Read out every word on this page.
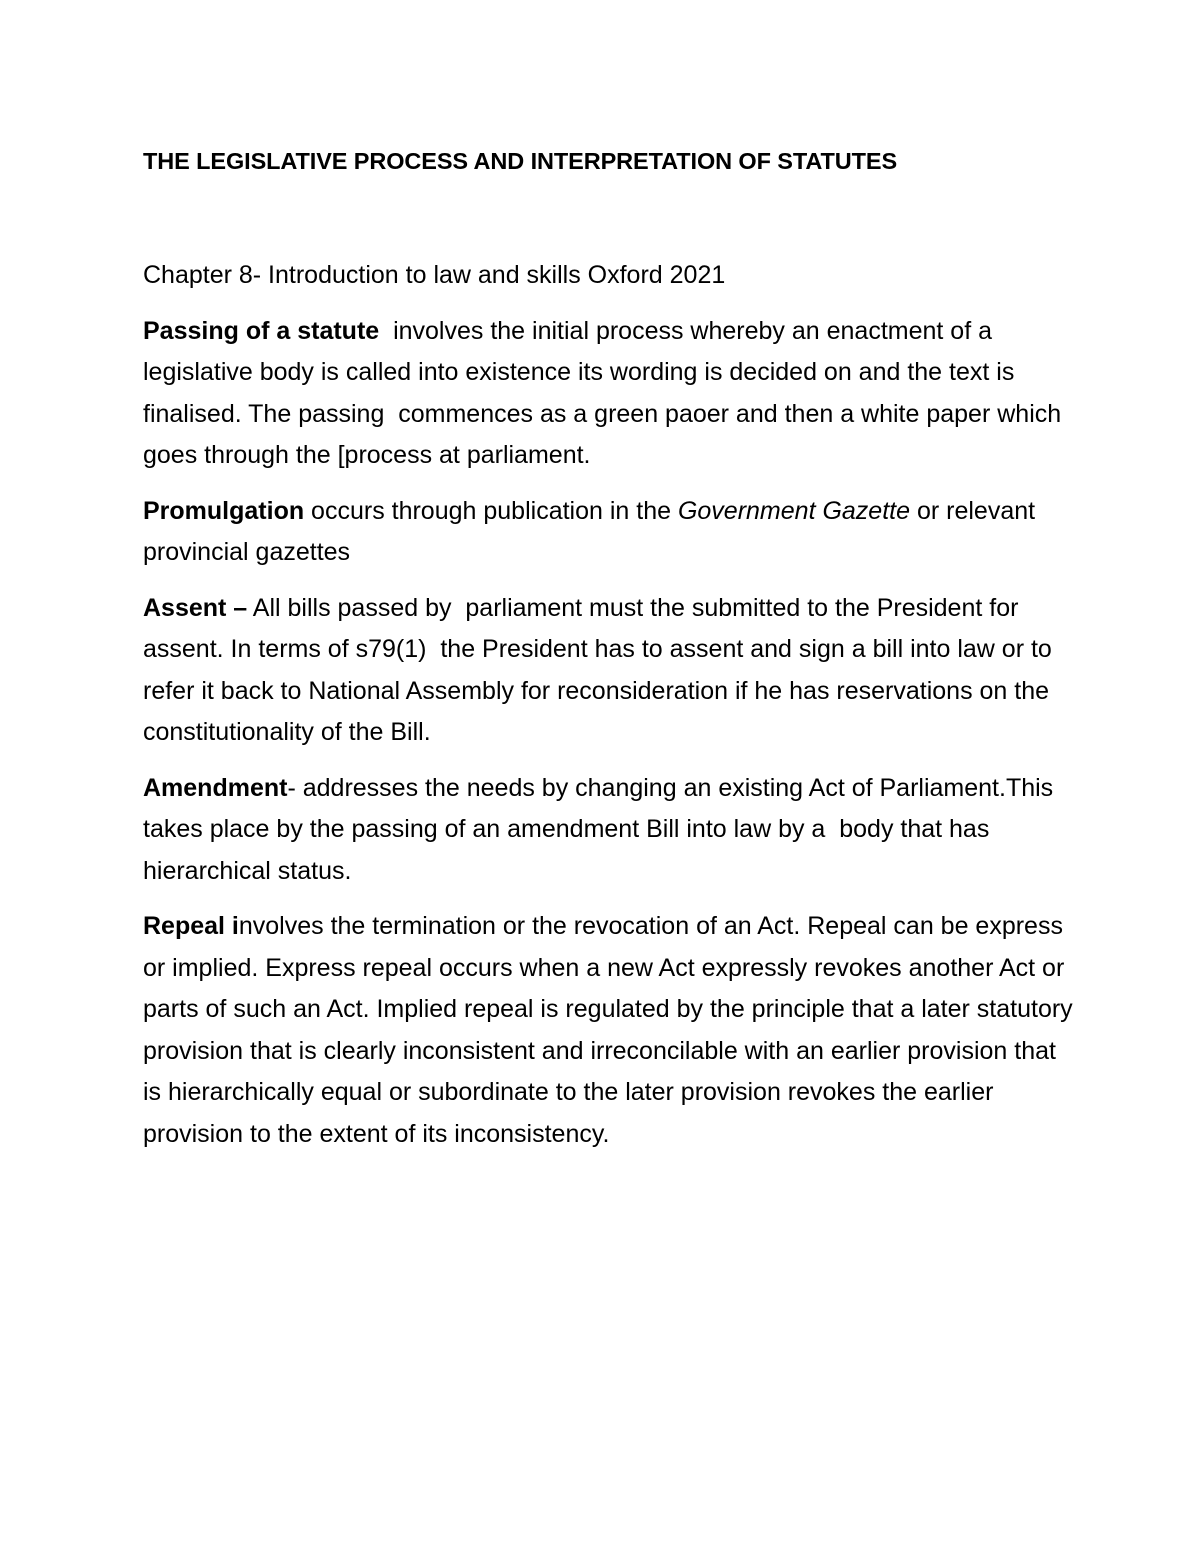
THE LEGISLATIVE PROCESS AND INTERPRETATION OF STATUTES

Chapter 8- Introduction to law and skills Oxford 2021

Passing of a statute  involves the initial process whereby an enactment of a legislative body is called into existence its wording is decided on and the text is finalised. The passing  commences as a green paoer and then a white paper which goes through the [process at parliament.

Promulgation occurs through publication in the Government Gazette or relevant provincial gazettes

Assent – All bills passed by  parliament must the submitted to the President for assent. In terms of s79(1)  the President has to assent and sign a bill into law or to refer it back to National Assembly for reconsideration if he has reservations on the constitutionality of the Bill.

Amendment- addresses the needs by changing an existing Act of Parliament.This takes place by the passing of an amendment Bill into law by a  body that has hierarchical status.

Repeal involves the termination or the revocation of an Act. Repeal can be express or implied. Express repeal occurs when a new Act expressly revokes another Act or parts of such an Act. Implied repeal is regulated by the principle that a later statutory provision that is clearly inconsistent and irreconcilable with an earlier provision that is hierarchically equal or subordinate to the later provision revokes the earlier  provision to the extent of its inconsistency.
